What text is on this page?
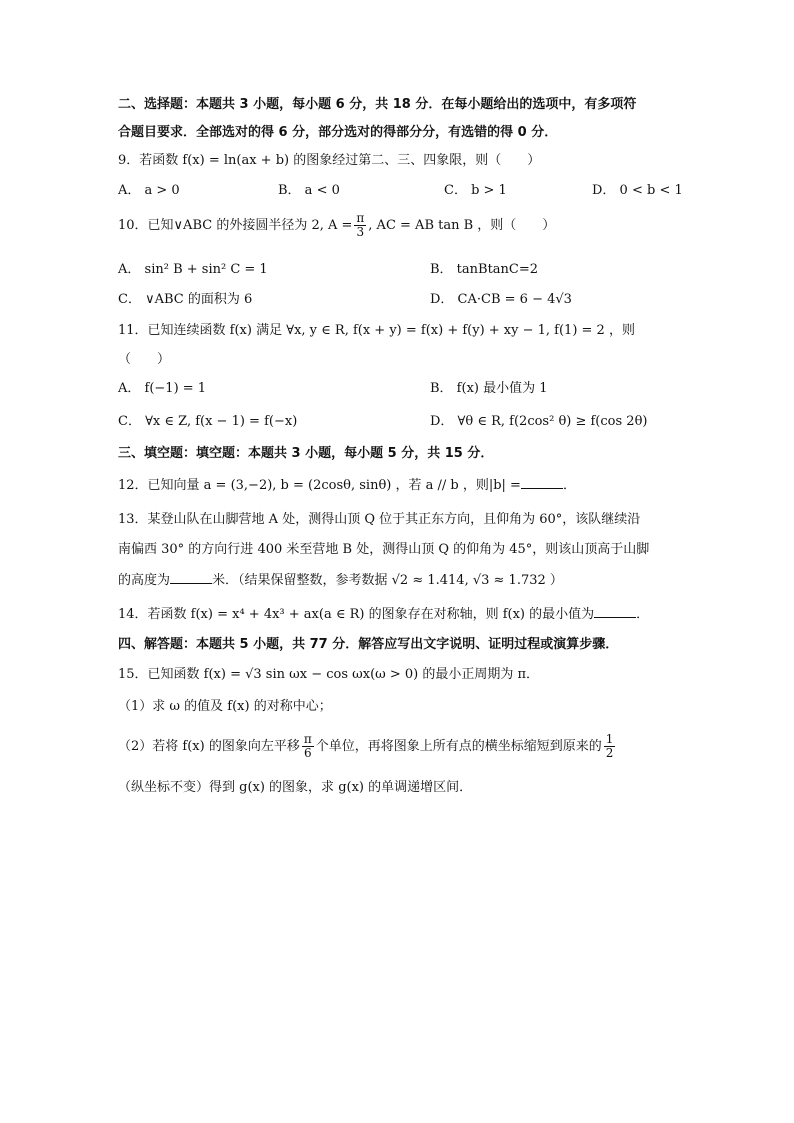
二、选择题：本题共 3 小题，每小题 6 分，共 18 分．在每小题给出的选项中，有多项符
合题目要求．全部选对的得 6 分，部分选对的得部分分，有选错的得 0 分．
9．若函数 f(x) = ln(ax + b) 的图象经过第二、三、四象限，则（　　）
A． a > 0	B． a < 0	C． b > 1	D． 0 < b < 1
10．已知∨ABC 的外接圆半径为 2, $A = \frac{\pi}{3}$ , AC = AB tan B ，则（　　）
A． sin² B + sin² C = 1	B． tanBtanC=2
C． ∨ABC 的面积为 6	D． CA·CB = 6 − 4√3
11．已知连续函数 f(x) 满足 ∀x, y ∈ R, f(x + y) = f(x) + f(y) + xy − 1, f(1) = 2 ，则
（　　）
A． f(−1) = 1	B． f(x) 最小值为 1
C． ∀x ∈ Z, f(x − 1) = f(−x)	D． ∀θ ∈ R, f(2cos² θ) ≥ f(cos 2θ)
三、填空题：填空题：本题共 3 小题，每小题 5 分，共 15 分．
12．已知向量 a = (3,−2), b = (2cosθ, sinθ) ，若 a // b ，则|b| =	．
13．某登山队在山脚营地 A 处，测得山顶 Q 位于其正东方向，且仰角为 60°，该队继续沿
南偏西 30° 的方向行进 400 米至营地 B 处，测得山顶 Q 的仰角为 45°，则该山顶高于山脚
的高度为	米．（结果保留整数，参考数据 √2 ≈ 1.414, √3 ≈ 1.732 ）
14．若函数 f(x) = x⁴ + 4x³ + ax(a ∈ R) 的图象存在对称轴，则 f(x) 的最小值为	．
四、解答题：本题共 5 小题，共 77 分．解答应写出文字说明、证明过程或演算步骤．
15．已知函数 f(x) = √3 sin ωx − cos ωx(ω > 0) 的最小正周期为 π．
（1）求 ω 的值及 f(x) 的对称中心；
（2）若将 f(x) 的图象向左平移 $\frac{\pi}{6}$ 个单位，再将图象上所有点的横坐标缩短到原来的 $\frac{1}{2}$
（纵坐标不变）得到 g(x) 的图象，求 g(x) 的单调递增区间．
